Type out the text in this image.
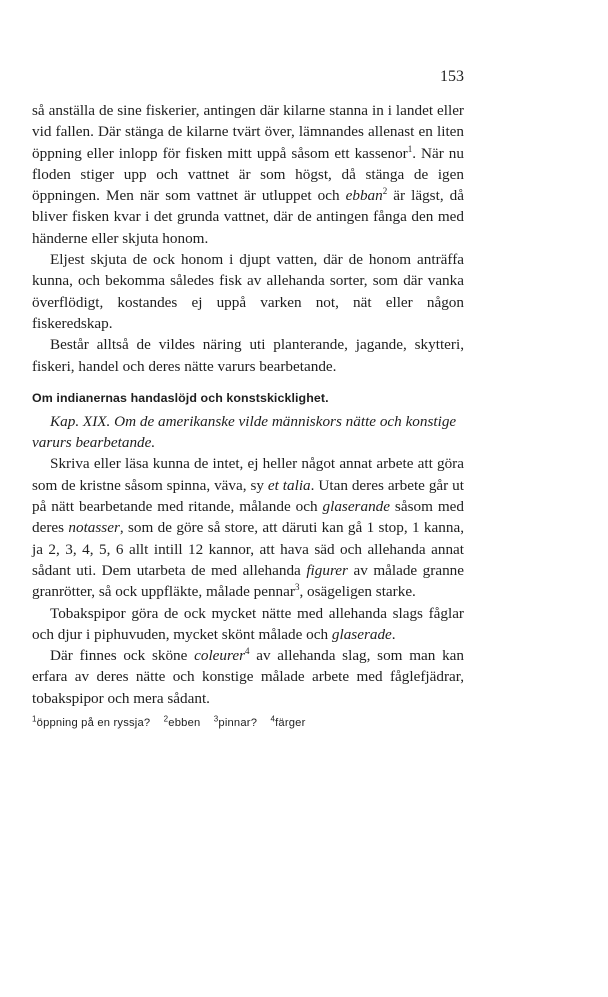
153

så anställa de sine fiskerier, antingen där kilarne stanna in i landet eller vid fallen. Där stänga de kilarne tvärt över, lämnandes allenast en liten öppning eller inlopp för fisken mitt uppå såsom ett kassenor$^1$. När nu floden stiger upp och vattnet är som högst, då stänga de igen öppningen. Men när som vattnet är utluppet och ebban$^2$ är lägst, då bliver fisken kvar i det grunda vattnet, där de antingen fånga den med händerne eller skjuta honom.

Eljest skjuta de ock honom i djupt vatten, där de honom anträffa kunna, och bekomma således fisk av allehanda sorter, som där vanka överflödigt, kostandes ej uppå varken not, nät eller någon fiskeredskap.

Består alltså de vildes näring uti planterande, jagande, skytteri, fiskeri, handel och deres nätte varurs bearbetande.

Om indianernas handaslöjd och konstskicklighet.

Kap. XIX. Om de amerikanske vilde människors nätte och konstige varurs bearbetande.

Skriva eller läsa kunna de intet, ej heller något annat arbete att göra som de kristne såsom spinna, väva, sy et talia. Utan deres arbete går ut på nätt bearbetande med ritande, målande och glaserande såsom med deres notasser, som de göre så store, att däruti kan gå 1 stop, 1 kanna, ja 2, 3, 4, 5, 6 allt intill 12 kannor, att hava säd och allehanda annat sådant uti. Dem utarbeta de med allehanda figurer av målade granne granrötter, så ock uppfläkte, målade pennar$^3$, osägeligen starke.

Tobakspipor göra de ock mycket nätte med allehanda slags fåglar och djur i piphuvuden, mycket skönt målade och glaserade.

Där finnes ock sköne coleurer$^4$ av allehanda slag, som man kan erfara av deres nätte och konstige målade arbete med fåglefjädrar, tobakspipor och mera sådant.

$^1$öppning på en ryssja? $^2$ebben $^3$pinnar? $^4$färger
